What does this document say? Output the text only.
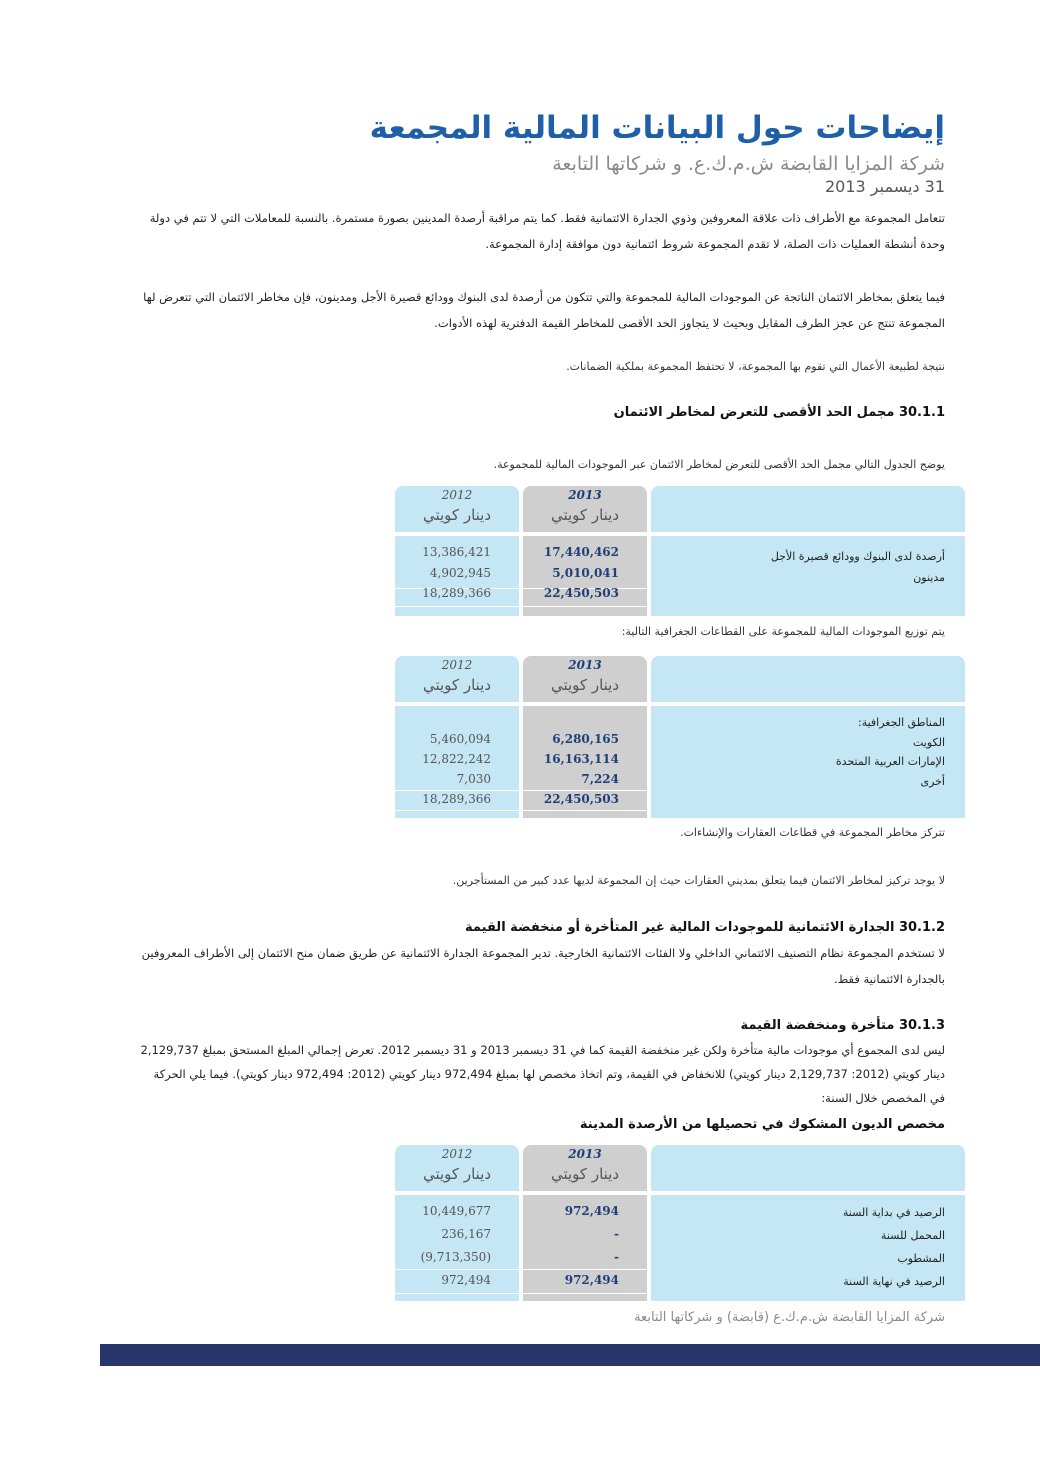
إيضاحات حول البيانات المالية المجمعة
شركة المزايا القابضة ش.م.ك.ع. و شركاتها التابعة
31 ديسمبر 2013
تتعامل المجموعة مع الأطراف ذات علاقة المعروفين وذوي الجدارة الائتمانية فقط. كما يتم مراقبة أرصدة المدينين بصورة مستمرة. بالنسبة للمعاملات التي لا تتم في دولة وحدة أنشطة العمليات ذات الصلة، لا تقدم المجموعة شروط ائتمانية دون موافقة إدارة المجموعة.
فيما يتعلق بمخاطر الائتمان الناتجة عن الموجودات المالية للمجموعة والتي تتكون من أرصدة لدى البنوك وودائع قصيرة الأجل ومدينون، فإن مخاطر الائتمان التي تتعرض لها المجموعة تنتج عن عجز الطرف المقابل وبحيث لا يتجاوز الحد الأقصى للمخاطر القيمة الدفترية لهذه الأدوات.
نتيجة لطبيعة الأعمال التي تقوم بها المجموعة، لا تحتفظ المجموعة بملكية الضمانات.
30.1.1 مجمل الحد الأقصى للتعرض لمخاطر الائتمان
يوضح الجدول التالي مجمل الحد الأقصى للتعرض لمخاطر الائتمان عبر الموجودات المالية للمجموعة.
2012
دينار كويتي
2013
دينار كويتي
13,386,421
4,902,945
18,289,366
17,440,462
5,010,041
22,450,503
أرصدة لدى البنوك وودائع قصيرة الأجل
مدينون
يتم توزيع الموجودات المالية للمجموعة على القطاعات الجغرافية التالية:
2012
دينار كويتي
2013
دينار كويتي
5,460,094
12,822,242
7,030
18,289,366
6,280,165
16,163,114
7,224
22,450,503
المناطق الجغرافية:
الكويت
الإمارات العربية المتحدة
أخرى
تتركز مخاطر المجموعة في قطاعات العقارات والإنشاءات.
لا يوجد تركيز لمخاطر الائتمان فيما يتعلق بمديني العقارات حيث إن المجموعة لديها عدد كبير من المستأجرين.
30.1.2 الجدارة الائتمانية للموجودات المالية غير المتأخرة أو منخفضة القيمة
لا تستخدم المجموعة نظام التصنيف الائتماني الداخلي ولا الفئات الائتمانية الخارجية. تدير المجموعة الجدارة الائتمانية عن طريق ضمان منح الائتمان إلى الأطراف المعروفين بالجدارة الائتمانية فقط.
30.1.3 متأخرة ومنخفضة القيمة
ليس لدى المجموع أي موجودات مالية متأخرة ولكن غير منخفضة القيمة كما في 31 ديسمبر 2013 و 31 ديسمبر 2012. تعرض إجمالي المبلغ المستحق بمبلغ 2,129,737 دينار كويتي (2012: 2,129,737 دينار كويتي) للانخفاض في القيمة، وتم اتخاذ مخصص لها بمبلغ 972,494 دينار كويتي (2012: 972,494 دينار كويتي). فيما يلي الحركة في المخصص خلال السنة:
مخصص الديون المشكوك في تحصيلها من الأرصدة المدينة
2012
دينار كويتي
2013
دينار كويتي
10,449,677
236,167
(9,713,350)
972,494
972,494
-
-
972,494
الرصيد في بداية السنة
المحمل للسنة
المشطوب
الرصيد في نهاية السنة
شركة المزايا القابضة ش.م.ك.ع (قابضة) و شركاتها التابعة
